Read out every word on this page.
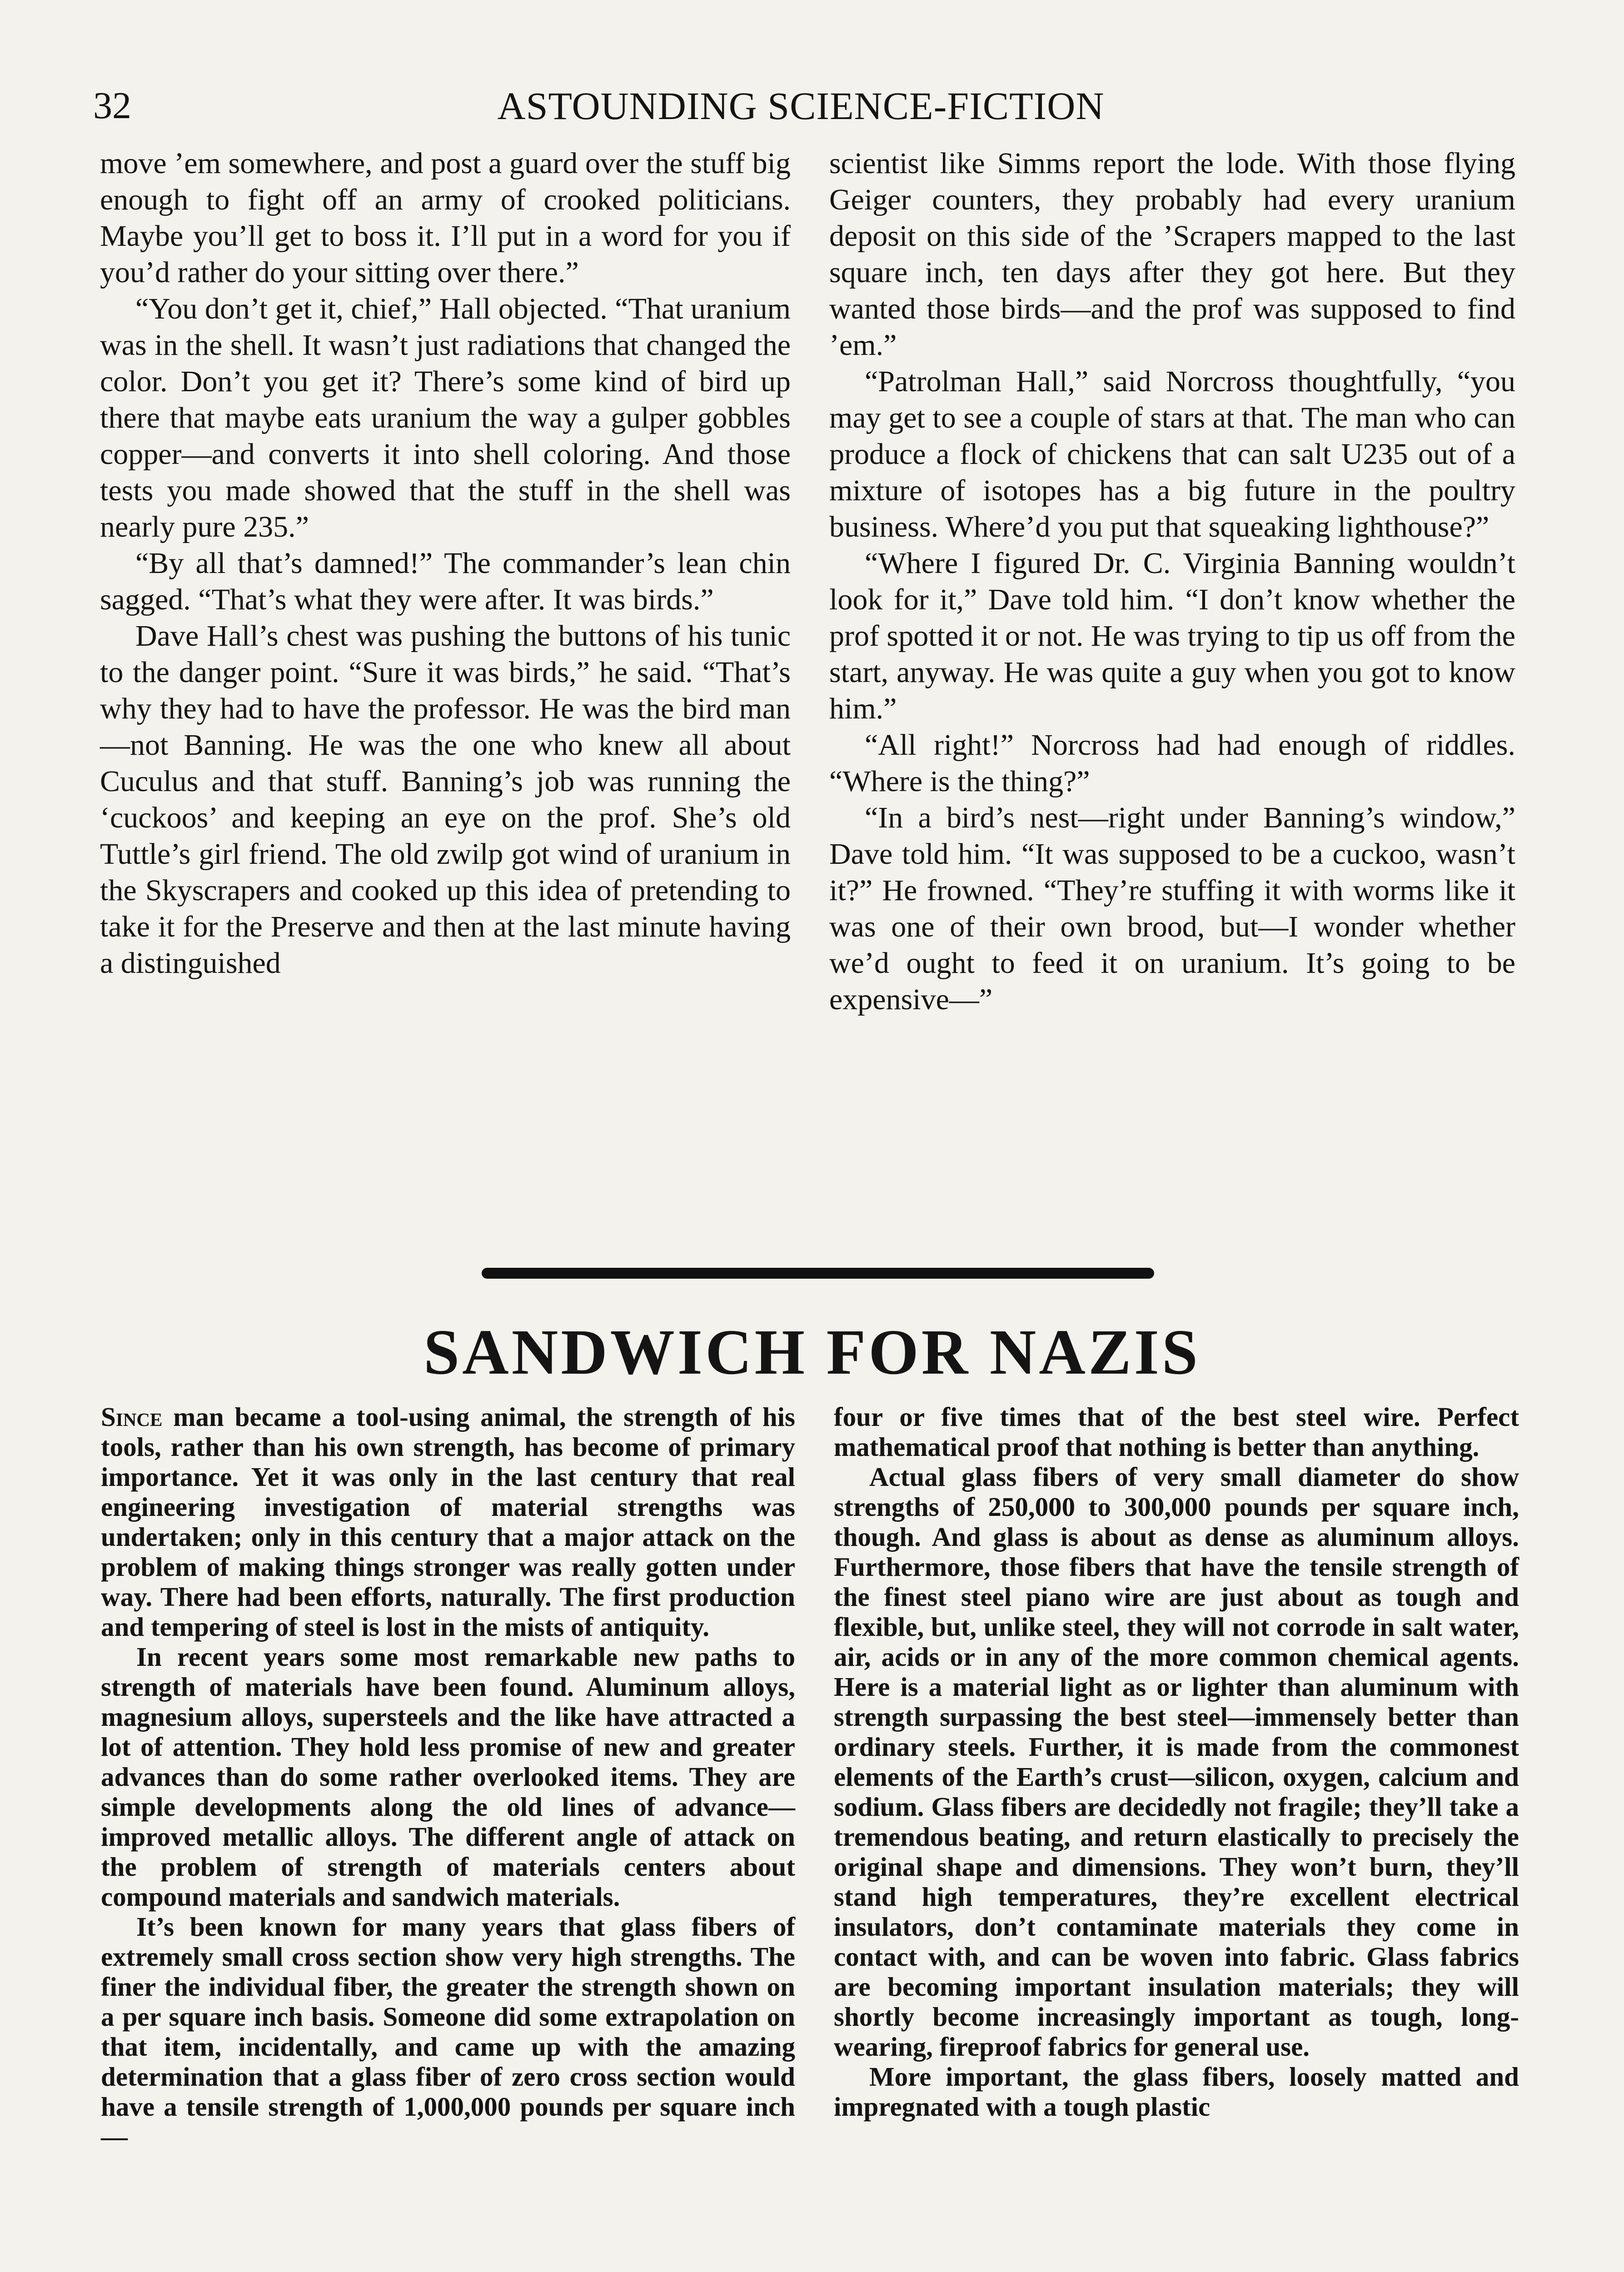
32	ASTOUNDING SCIENCE-FICTION

move ’em somewhere, and post a guard over the stuff big enough to fight off an army of crooked politicians. Maybe you’ll get to boss it. I’ll put in a word for you if you’d rather do your sitting over there.”

“You don’t get it, chief,” Hall objected. “That uranium was in the shell. It wasn’t just radiations that changed the color. Don’t you get it? There’s some kind of bird up there that maybe eats uranium the way a gulper gobbles copper—and converts it into shell coloring. And those tests you made showed that the stuff in the shell was nearly pure 235.”

“By all that’s damned!” The commander’s lean chin sagged. “That’s what they were after. It was birds.”

Dave Hall’s chest was pushing the buttons of his tunic to the danger point. “Sure it was birds,” he said. “That’s why they had to have the professor. He was the bird man—not Banning. He was the one who knew all about Cuculus and that stuff. Banning’s job was running the ‘cuckoos’ and keeping an eye on the prof. She’s old Tuttle’s girl friend. The old zwilp got wind of uranium in the Skyscrapers and cooked up this idea of pretending to take it for the Preserve and then at the last minute having a distinguished

scientist like Simms report the lode. With those flying Geiger counters, they probably had every uranium deposit on this side of the ’Scrapers mapped to the last square inch, ten days after they got here. But they wanted those birds—and the prof was supposed to find ’em.”

“Patrolman Hall,” said Norcross thoughtfully, “you may get to see a couple of stars at that. The man who can produce a flock of chickens that can salt U235 out of a mixture of isotopes has a big future in the poultry business. Where’d you put that squeaking lighthouse?”

“Where I figured Dr. C. Virginia Banning wouldn’t look for it,” Dave told him. “I don’t know whether the prof spotted it or not. He was trying to tip us off from the start, anyway. He was quite a guy when you got to know him.”

“All right!” Norcross had had enough of riddles. “Where is the thing?”

“In a bird’s nest—right under Banning’s window,” Dave told him. “It was supposed to be a cuckoo, wasn’t it?” He frowned. “They’re stuffing it with worms like it was one of their own brood, but—I wonder whether we’d ought to feed it on uranium. It’s going to be expensive—”

SANDWICH FOR NAZIS

Since man became a tool-using animal, the strength of his tools, rather than his own strength, has become of primary importance. Yet it was only in the last century that real engineering investigation of material strengths was undertaken; only in this century that a major attack on the problem of making things stronger was really gotten under way. There had been efforts, naturally. The first production and tempering of steel is lost in the mists of antiquity.

In recent years some most remarkable new paths to strength of materials have been found. Aluminum alloys, magnesium alloys, supersteels and the like have attracted a lot of attention. They hold less promise of new and greater advances than do some rather overlooked items. They are simple developments along the old lines of advance—improved metallic alloys. The different angle of attack on the problem of strength of materials centers about compound materials and sandwich materials.

It’s been known for many years that glass fibers of extremely small cross section show very high strengths. The finer the individual fiber, the greater the strength shown on a per square inch basis. Someone did some extrapolation on that item, incidentally, and came up with the amazing determination that a glass fiber of zero cross section would have a tensile strength of 1,000,000 pounds per square inch—

four or five times that of the best steel wire. Perfect mathematical proof that nothing is better than anything.

Actual glass fibers of very small diameter do show strengths of 250,000 to 300,000 pounds per square inch, though. And glass is about as dense as aluminum alloys. Furthermore, those fibers that have the tensile strength of the finest steel piano wire are just about as tough and flexible, but, unlike steel, they will not corrode in salt water, air, acids or in any of the more common chemical agents. Here is a material light as or lighter than aluminum with strength surpassing the best steel—immensely better than ordinary steels. Further, it is made from the commonest elements of the Earth’s crust—silicon, oxygen, calcium and sodium. Glass fibers are decidedly not fragile; they’ll take a tremendous beating, and return elastically to precisely the original shape and dimensions. They won’t burn, they’ll stand high temperatures, they’re excellent electrical insulators, don’t contaminate materials they come in contact with, and can be woven into fabric. Glass fabrics are becoming important insulation materials; they will shortly become increasingly important as tough, long-wearing, fireproof fabrics for general use.

More important, the glass fibers, loosely matted and impregnated with a tough plastic
